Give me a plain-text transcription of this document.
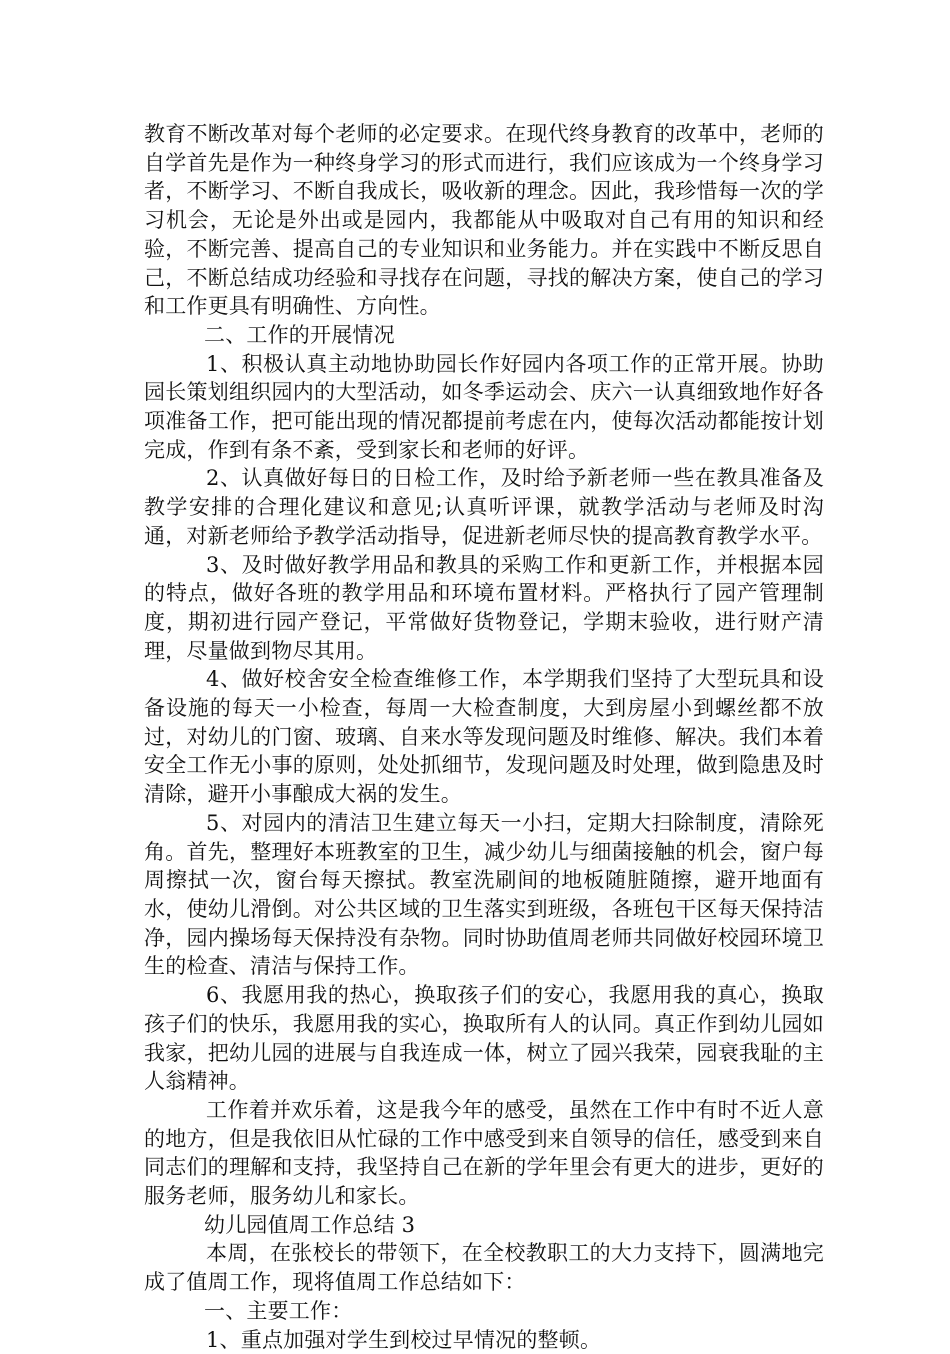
教育不断改革对每个老师的必定要求。在现代终身教育的改革中，老师的自学首先是作为一种终身学习的形式而进行，我们应该成为一个终身学习者，不断学习、不断自我成长，吸收新的理念。因此，我珍惜每一次的学习机会，无论是外出或是园内，我都能从中吸取对自己有用的知识和经验，不断完善、提高自己的专业知识和业务能力。并在实践中不断反思自己，不断总结成功经验和寻找存在问题，寻找的解决方案，使自己的学习和工作更具有明确性、方向性。

二、工作的开展情况

1、积极认真主动地协助园长作好园内各项工作的正常开展。协助园长策划组织园内的大型活动，如冬季运动会、庆六一认真细致地作好各项准备工作，把可能出现的情况都提前考虑在内，使每次活动都能按计划完成，作到有条不紊，受到家长和老师的好评。

2、认真做好每日的日检工作，及时给予新老师一些在教具准备及教学安排的合理化建议和意见;认真听评课，就教学活动与老师及时沟通，对新老师给予教学活动指导，促进新老师尽快的提高教育教学水平。

3、及时做好教学用品和教具的采购工作和更新工作，并根据本园的特点，做好各班的教学用品和环境布置材料。严格执行了园产管理制度，期初进行园产登记，平常做好货物登记，学期末验收，进行财产清理，尽量做到物尽其用。

4、做好校舍安全检查维修工作，本学期我们坚持了大型玩具和设备设施的每天一小检查，每周一大检查制度，大到房屋小到螺丝都不放过，对幼儿的门窗、玻璃、自来水等发现问题及时维修、解决。我们本着安全工作无小事的原则，处处抓细节，发现问题及时处理，做到隐患及时清除，避开小事酿成大祸的发生。

5、对园内的清洁卫生建立每天一小扫，定期大扫除制度，清除死角。首先，整理好本班教室的卫生，减少幼儿与细菌接触的机会，窗户每周擦拭一次，窗台每天擦拭。教室洗刷间的地板随脏随擦，避开地面有水，使幼儿滑倒。对公共区域的卫生落实到班级，各班包干区每天保持洁净，园内操场每天保持没有杂物。同时协助值周老师共同做好校园环境卫生的检查、清洁与保持工作。

6、我愿用我的热心，换取孩子们的安心，我愿用我的真心，换取孩子们的快乐，我愿用我的实心，换取所有人的认同。真正作到幼儿园如我家，把幼儿园的进展与自我连成一体，树立了园兴我荣，园衰我耻的主人翁精神。

工作着并欢乐着，这是我今年的感受，虽然在工作中有时不近人意的地方，但是我依旧从忙碌的工作中感受到来自领导的信任，感受到来自同志们的理解和支持，我坚持自己在新的学年里会有更大的进步，更好的服务老师，服务幼儿和家长。

幼儿园值周工作总结 3

本周，在张校长的带领下，在全校教职工的大力支持下，圆满地完成了值周工作，现将值周工作总结如下：

一、主要工作：

1、重点加强对学生到校过早情况的整顿。
